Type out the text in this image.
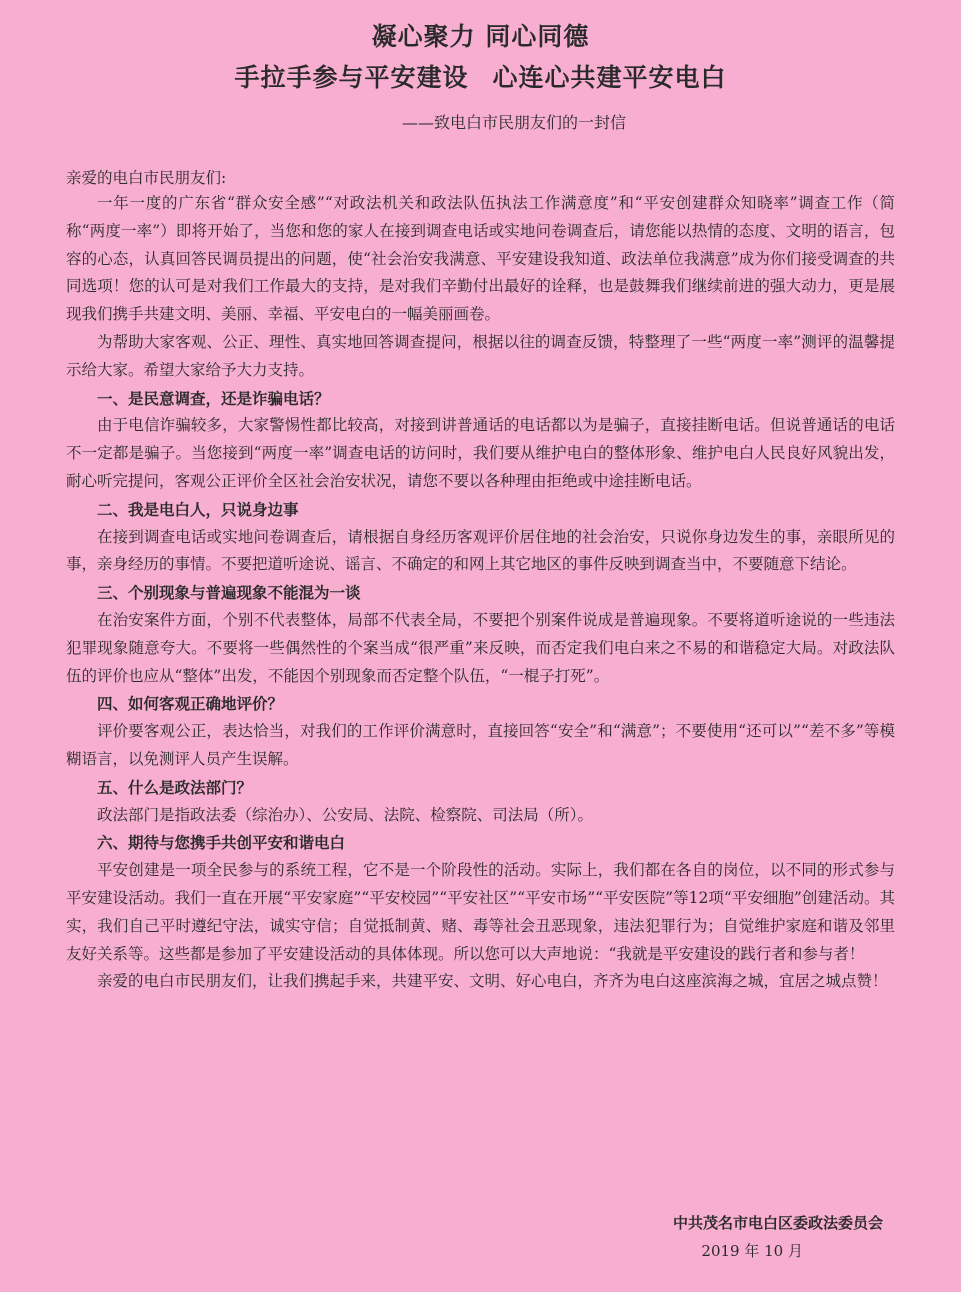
凝心聚力 同心同德
手拉手参与平安建设 心连心共建平安电白
——致电白市民朋友们的一封信
亲爱的电白市民朋友们:

一年一度的广东省“群众安全感”“对政法机关和政法队伍执法工作满意度”和“平安创建群众知晓率”调查工作（简称“两度一率”）即将开始了，当您和您的家人在接到调查电话或实地问卷调查后，请您能以热情的态度、文明的语言，包容的心态，认真回答民调员提出的问题，使“社会治安我满意、平安建设我知道、政法单位我满意”成为你们接受调查的共同选项！您的认可是对我们工作最大的支持，是对我们辛勤付出最好的诠释，也是鼓舞我们继续前进的强大动力，更是展现我们携手共建文明、美丽、幸福、平安电白的一幅美丽画卷。

为帮助大家客观、公正、理性、真实地回答调查提问，根据以往的调查反馈，特整理了一些“两度一率”测评的温馨提示给大家。希望大家给予大力支持。

一、是民意调查，还是诈骗电话？

由于电信诈骗较多，大家警惕性都比较高，对接到讲普通话的电话都以为是骗子，直接挂断电话。但说普通话的电话不一定都是骗子。当您接到“两度一率”调查电话的访问时，我们要从维护电白的整体形象、维护电白人民良好风貌出发，耐心听完提问，客观公正评价全区社会治安状况，请您不要以各种理由拒绝或中途挂断电话。

二、我是电白人，只说身边事

在接到调查电话或实地问卷调查后，请根据自身经历客观评价居住地的社会治安，只说你身边发生的事，亲眼所见的事，亲身经历的事情。不要把道听途说、谣言、不确定的和网上其它地区的事件反映到调查当中，不要随意下结论。

三、个别现象与普遍现象不能混为一谈

在治安案件方面，个别不代表整体，局部不代表全局，不要把个别案件说成是普遍现象。不要将道听途说的一些违法犯罪现象随意夸大。不要将一些偶然性的个案当成“很严重”来反映，而否定我们电白来之不易的和谐稳定大局。对政法队伍的评价也应从“整体”出发，不能因个别现象而否定整个队伍，“一棍子打死”。

四、如何客观正确地评价？

评价要客观公正，表达恰当，对我们的工作评价满意时，直接回答“安全”和“满意”；不要使用“还可以”“差不多”等模糊语言，以免测评人员产生误解。

五、什么是政法部门？

政法部门是指政法委（综治办）、公安局、法院、检察院、司法局（所）。

六、期待与您携手共创平安和谐电白

平安创建是一项全民参与的系统工程，它不是一个阶段性的活动。实际上，我们都在各自的岗位，以不同的形式参与平安建设活动。我们一直在开展“平安家庭”“平安校园”“平安社区”“平安市场”“平安医院”等12项“平安细胞”创建活动。其实，我们自己平时遵纪守法，诚实守信；自觉抵制黄、赌、毒等社会丑恶现象，违法犯罪行为；自觉维护家庭和谐及邻里友好关系等。这些都是参加了平安建设活动的具体体现。所以您可以大声地说：“我就是平安建设的践行者和参与者！

亲爱的电白市民朋友们，让我们携起手来，共建平安、文明、好心电白，齐齐为电白这座滨海之城，宜居之城点赞！

中共茂名市电白区委政法委员会
2019 年 10 月
